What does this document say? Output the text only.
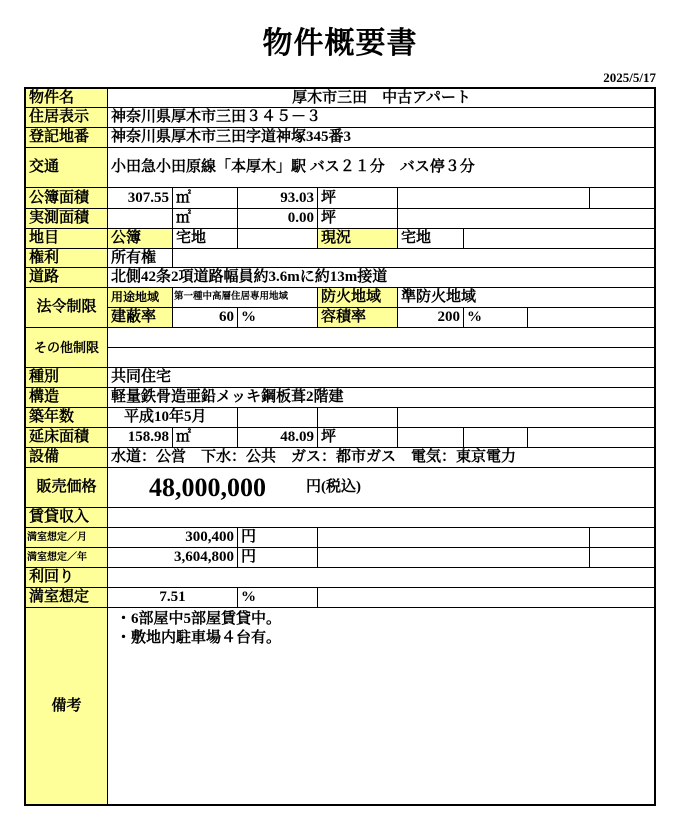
物件概要書
2025/5/17
物件名	厚木市三田　中古アパート
住居表示	神奈川県厚木市三田３４５－３
登記地番	神奈川県厚木市三田字道神塚345番3
交通	小田急小田原線「本厚木」駅 バス２１分　バス停３分
公簿面積	307.55 ㎡	93.03 坪
実測面積	㎡	0.00 坪
地目	公簿	宅地	現況	宅地
権利	所有権
道路	北側42条2項道路幅員約3.6mに約13m接道
法令制限
用途地域	第一種中高層住居専用地域	防火地域	準防火地域
建蔽率	60 %	容積率	200 %
その他制限
種別	共同住宅
構造	軽量鉄骨造亜鉛メッキ鋼板葺2階建
築年数	平成10年5月
延床面積	158.98 ㎡	48.09 坪
設備	水道：公営　下水：公共　ガス：都市ガス　電気：東京電力
販売価格	48,000,000	円(税込)
賃貸収入
満室想定／月	300,400 円
満室想定／年	3,604,800 円
利回り
満室想定	7.51	%
備考
・6部屋中5部屋賃貸中。
・敷地内駐車場４台有。
